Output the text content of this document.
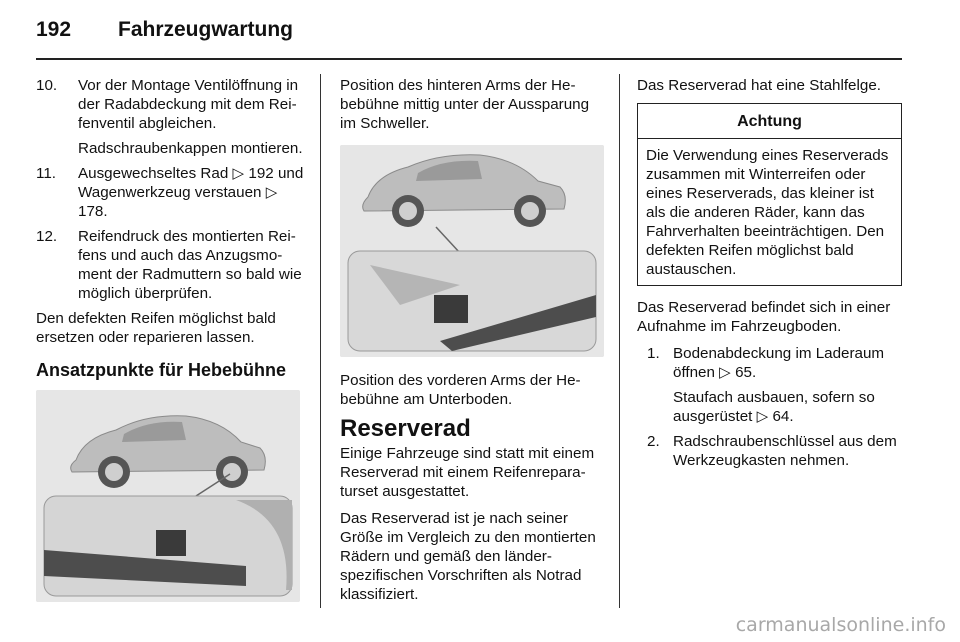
192 Fahrzeugwartung
10. Vor der Montage Ventilöffnung in der Radabdeckung mit dem Reifenventil abgleichen.

Radschraubenkappen montieren.

11. Ausgewechseltes Rad ▷ 192 und Wagenwerkzeug verstauen ▷ 178.

12. Reifendruck des montierten Reifens und auch das Anzugsmoment der Radmuttern so bald wie möglich überprüfen.

Den defekten Reifen möglichst bald ersetzen oder reparieren lassen.

Ansatzpunkte für Hebebühne

Position des hinteren Arms der Hebebühne mittig unter der Aussparung im Schweller.

Position des vorderen Arms der Hebebühne am Unterboden.

Reserverad

Einige Fahrzeuge sind statt mit einem Reserverad mit einem Reifenreparaturset ausgestattet.

Das Reserverad ist je nach seiner Größe im Vergleich zu den montierten Rädern und gemäß den länderspezifischen Vorschriften als Notrad klassifiziert.

Das Reserverad hat eine Stahlfelge.

Achtung
Die Verwendung eines Reserverads zusammen mit Winterreifen oder eines Reserverads, das kleiner ist als die anderen Räder, kann das Fahrverhalten beeinträchtigen. Den defekten Reifen möglichst bald austauschen.

Das Reserverad befindet sich in einer Aufnahme im Fahrzeugboden.

1. Bodenabdeckung im Laderaum öffnen ▷ 65.

Staufach ausbauen, sofern so ausgerüstet ▷ 64.

2. Radschraubenschlüssel aus dem Werkzeugkasten nehmen.

carmanualsonline.info
